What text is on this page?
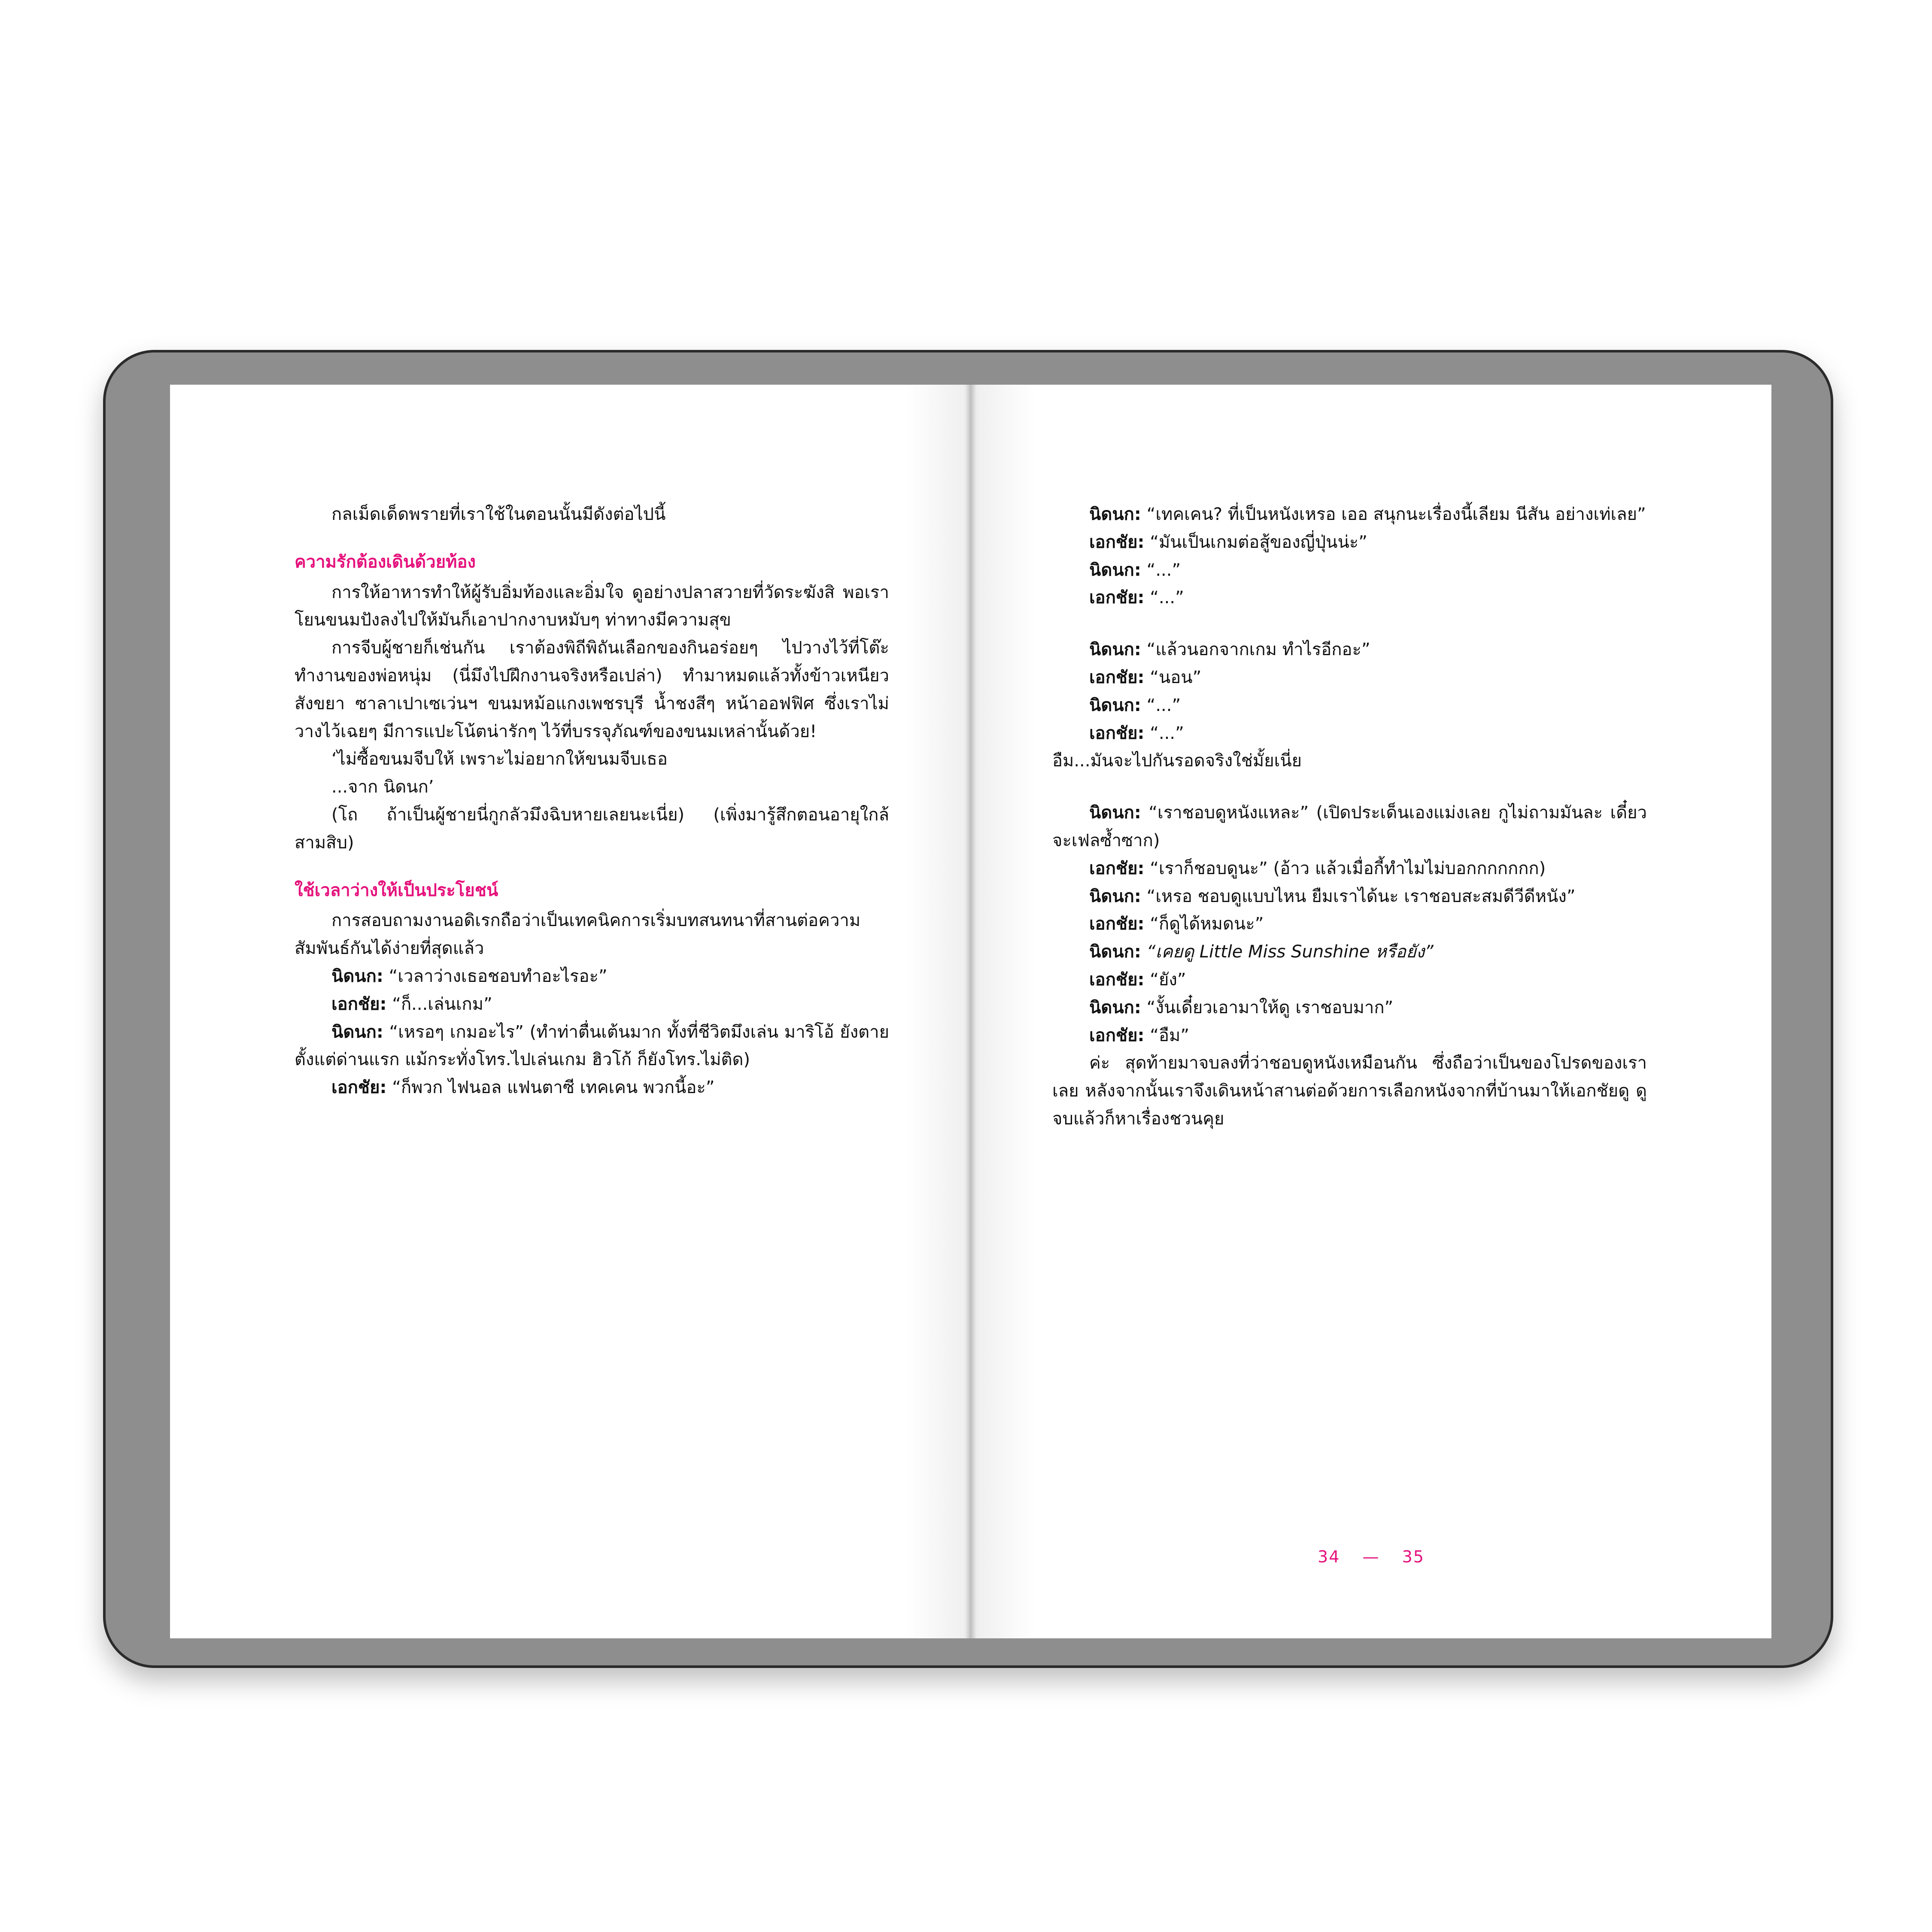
กลเม็ดเด็ดพรายที่เราใช้ในตอนนั้นมีดังต่อไปนี้

ความรักต้องเดินด้วยท้อง

การให้อาหารทำให้ผู้รับอิ่มท้องและอิ่มใจ ดูอย่างปลาสวายที่วัดระฆังสิ พอเราโยนขนมปังลงไปให้มันก็เอาปากงาบหมับๆ ท่าทางมีความสุข

การจีบผู้ชายก็เช่นกัน เราต้องพิถีพิถันเลือกของกินอร่อยๆ ไปวางไว้ที่โต๊ะทำงานของพ่อหนุ่ม (นี่มึงไปฝึกงานจริงหรือเปล่า) ทำมาหมดแล้วทั้งข้าวเหนียวสังขยา ซาลาเปาเซเว่นฯ ขนมหม้อแกงเพชรบุรี น้ำชงสีๆ หน้าออฟฟิศ ซึ่งเราไม่วางไว้เฉยๆ มีการแปะโน้ตน่ารักๆ ไว้ที่บรรจุภัณฑ์ของขนมเหล่านั้นด้วย!

‘ไม่ซื้อขนมจีบให้ เพราะไม่อยากให้ขนมจีบเธอ

...จาก นิดนก’

(โถ ถ้าเป็นผู้ชายนี่กูกลัวมึงฉิบหายเลยนะเนี่ย) (เพิ่งมารู้สึกตอนอายุใกล้สามสิบ)

ใช้เวลาว่างให้เป็นประโยชน์

การสอบถามงานอดิเรกถือว่าเป็นเทคนิคการเริ่มบทสนทนาที่สานต่อความสัมพันธ์กันได้ง่ายที่สุดแล้ว

นิดนก: “เวลาว่างเธอชอบทำอะไรอะ”

เอกชัย: “ก็...เล่นเกม”

นิดนก: “เหรอๆ เกมอะไร” (ทำท่าตื่นเต้นมาก ทั้งที่ชีวิตมึงเล่น มาริโอ้ ยังตายตั้งแต่ด่านแรก แม้กระทั่งโทร.ไปเล่นเกม ฮิวโก้ ก็ยังโทร.ไม่ติด)

เอกชัย: “ก็พวก ไฟนอล แฟนตาซี เทคเคน พวกนี้อะ”

นิดนก: “เทคเคน? ที่เป็นหนังเหรอ เออ สนุกนะเรื่องนี้เลียม นีสัน อย่างเท่เลย”

เอกชัย: “มันเป็นเกมต่อสู้ของญี่ปุ่นน่ะ”

นิดนก: “...”

เอกชัย: “...”

นิดนก: “แล้วนอกจากเกม ทำไรอีกอะ”

เอกชัย: “นอน”

นิดนก: “...”

เอกชัย: “...”

อืม...มันจะไปกันรอดจริงใช่มั้ยเนี่ย

นิดนก: “เราชอบดูหนังแหละ” (เปิดประเด็นเองแม่งเลย กูไม่ถามมันละ เดี๋ยวจะเฟลซ้ำซาก)

เอกชัย: “เราก็ชอบดูนะ” (อ้าว แล้วเมื่อกี้ทำไมไม่บอกกกกกกก)

นิดนก: “เหรอ ชอบดูแบบไหน ยืมเราได้นะ เราชอบสะสมดีวีดีหนัง”

เอกชัย: “ก็ดูได้หมดนะ”

นิดนก: “เคยดู Little Miss Sunshine หรือยัง”

เอกชัย: “ยัง”

นิดนก: “งั้นเดี๋ยวเอามาให้ดู เราชอบมาก”

เอกชัย: “อืม”

ค่ะ สุดท้ายมาจบลงที่ว่าชอบดูหนังเหมือนกัน ซึ่งถือว่าเป็นของโปรดของเราเลย หลังจากนั้นเราจึงเดินหน้าสานต่อด้วยการเลือกหนังจากที่บ้านมาให้เอกชัยดู ดูจบแล้วก็หาเรื่องชวนคุย

34 — 35
